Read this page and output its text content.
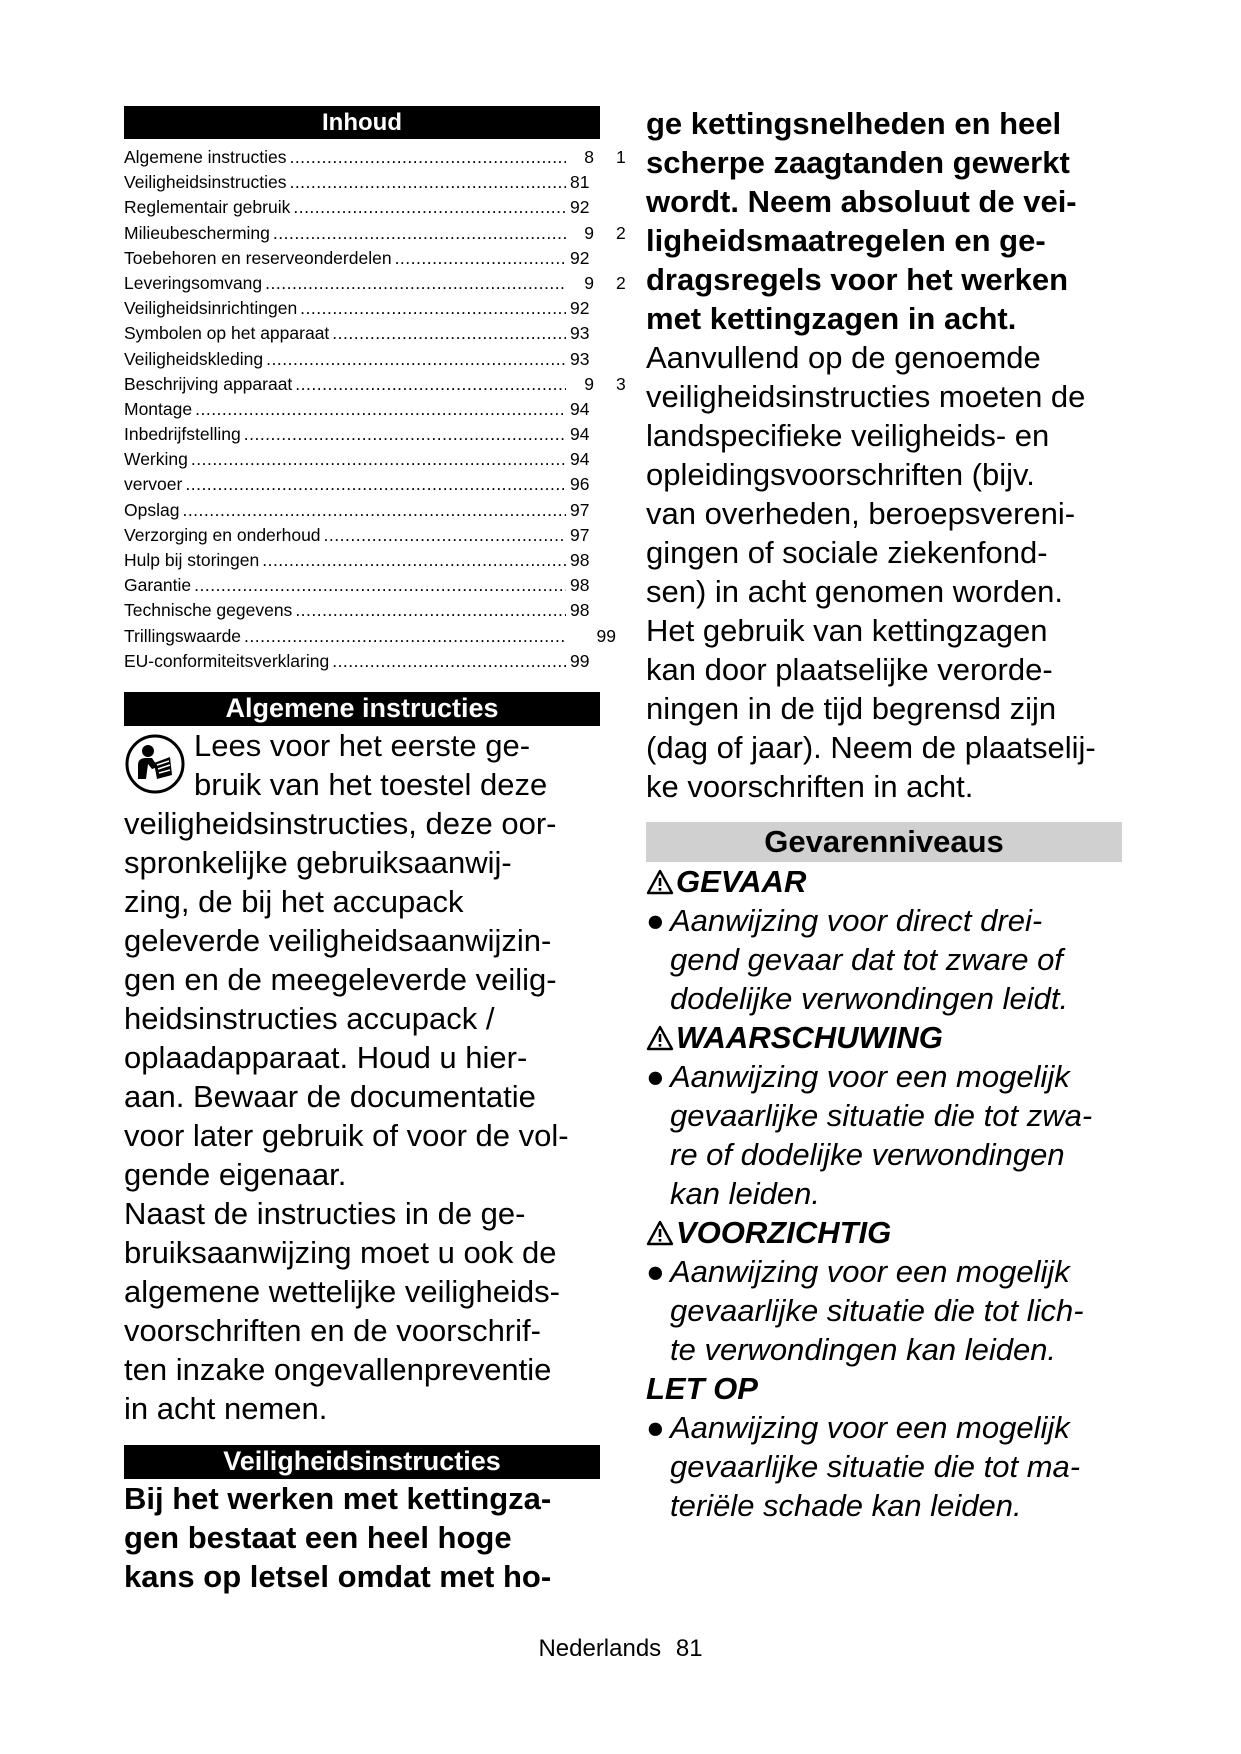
Inhoud
Algemene instructies .....	8	1
Veiligheidsinstructies .....	81
Reglementair gebruik .....	92
Milieubescherming .....	9	2
Toebehoren en reserveonderdelen .....	92
Leveringsomvang .....	9	2
Veiligheidsinrichtingen .....	92
Symbolen op het apparaat .....	93
Veiligheidskleding .....	93
Beschrijving apparaat .....	9	3
Montage .....	94
Inbedrijfstelling .....	94
Werking .....	94
vervoer .....	96
Opslag .....	97
Verzorging en onderhoud .....	97
Hulp bij storingen .....	98
Garantie .....	98
Technische gegevens .....	98
Trillingswaarde .....	99
EU-conformiteitsverklaring .....	99
Algemene instructies
Lees voor het eerste ge-
bruik van het toestel deze
veiligheidsinstructies, deze oor-
spronkelijke gebruiksaanwij-
zing, de bij het accupack
geleverde veiligheidsaanwijzin-
gen en de meegeleverde veilig-
heidsinstructies accupack /
oplaadapparaat. Houd u hier-
aan. Bewaar de documentatie
voor later gebruik of voor de vol-
gende eigenaar.
Naast de instructies in de ge-
bruiksaanwijzing moet u ook de
algemene wettelijke veiligheids-
voorschriften en de voorschrif-
ten inzake ongevallenpreventie
in acht nemen.
Veiligheidsinstructies
Bij het werken met kettingza-
gen bestaat een heel hoge
kans op letsel omdat met ho-
ge kettingsnelheden en heel
scherpe zaagtanden gewerkt
wordt. Neem absoluut de vei-
ligheidsmaatregelen en ge-
dragsregels voor het werken
met kettingzagen in acht.
Aanvullend op de genoemde
veiligheidsinstructies moeten de
landspecifieke veiligheids- en
opleidingsvoorschriften (bijv.
van overheden, beroepsvereni-
gingen of sociale ziekenfond-
sen) in acht genomen worden.
Het gebruik van kettingzagen
kan door plaatselijke verorde-
ningen in de tijd begrensd zijn
(dag of jaar). Neem de plaatselij-
ke voorschriften in acht.
Gevarenniveaus
GEVAAR
● Aanwijzing voor direct drei-
gend gevaar dat tot zware of
dodelijke verwondingen leidt.
WAARSCHUWING
● Aanwijzing voor een mogelijk
gevaarlijke situatie die tot zwa-
re of dodelijke verwondingen
kan leiden.
VOORZICHTIG
● Aanwijzing voor een mogelijk
gevaarlijke situatie die tot lich-
te verwondingen kan leiden.
LET OP
● Aanwijzing voor een mogelijk
gevaarlijke situatie die tot ma-
teriële schade kan leiden.
Nederlands 81
